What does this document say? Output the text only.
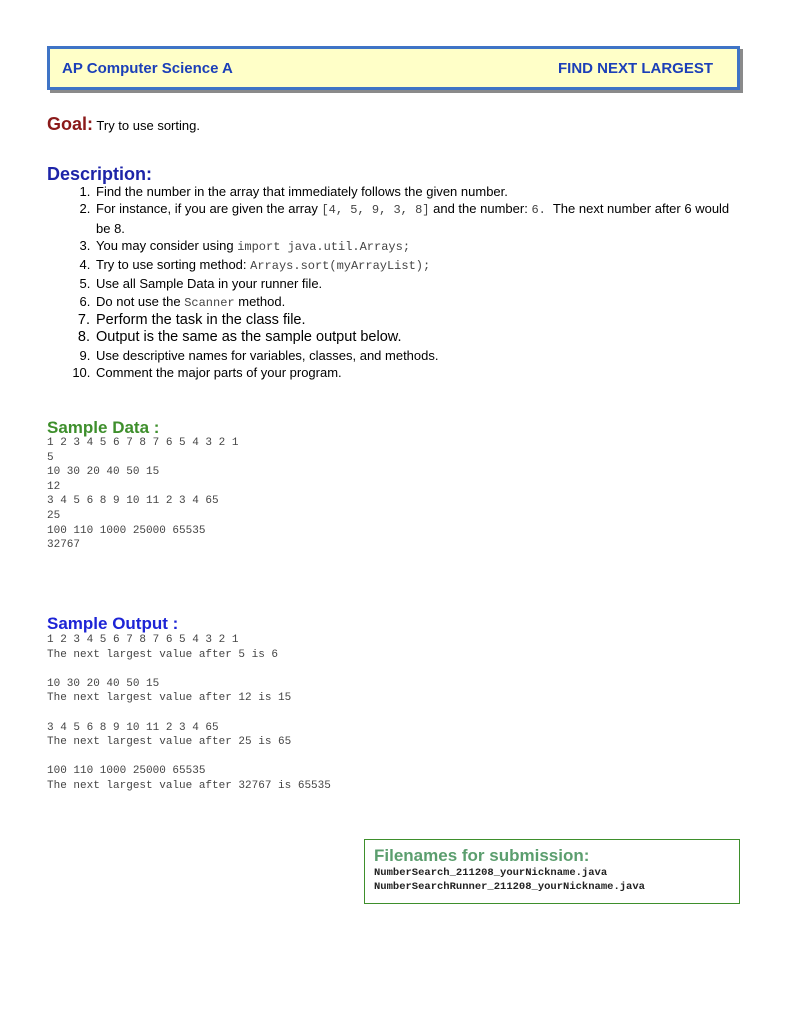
AP Computer Science A	FIND NEXT LARGEST
Goal: Try to use sorting.
Description:
1. Find the number in the array that immediately follows the given number.
2. For instance, if you are given the array [4, 5, 9, 3, 8] and the number: 6. The next number after 6 would be 8.
3. You may consider using import java.util.Arrays;
4. Try to use sorting method: Arrays.sort(myArrayList);
5. Use all Sample Data in your runner file.
6. Do not use the Scanner method.
7. Perform the task in the class file.
8. Output is the same as the sample output below.
9. Use descriptive names for variables, classes, and methods.
10. Comment the major parts of your program.
Sample Data :
1 2 3 4 5 6 7 8 7 6 5 4 3 2 1
5
10 30 20 40 50 15
12
3 4 5 6 8 9 10 11 2 3 4 65
25
100 110 1000 25000 65535
32767
Sample Output :
1 2 3 4 5 6 7 8 7 6 5 4 3 2 1
The next largest value after 5 is 6

10 30 20 40 50 15
The next largest value after 12 is 15

3 4 5 6 8 9 10 11 2 3 4 65
The next largest value after 25 is 65

100 110 1000 25000 65535
The next largest value after 32767 is 65535
Filenames for submission:
NumberSearch_211208_yourNickname.java
NumberSearchRunner_211208_yourNickname.java
